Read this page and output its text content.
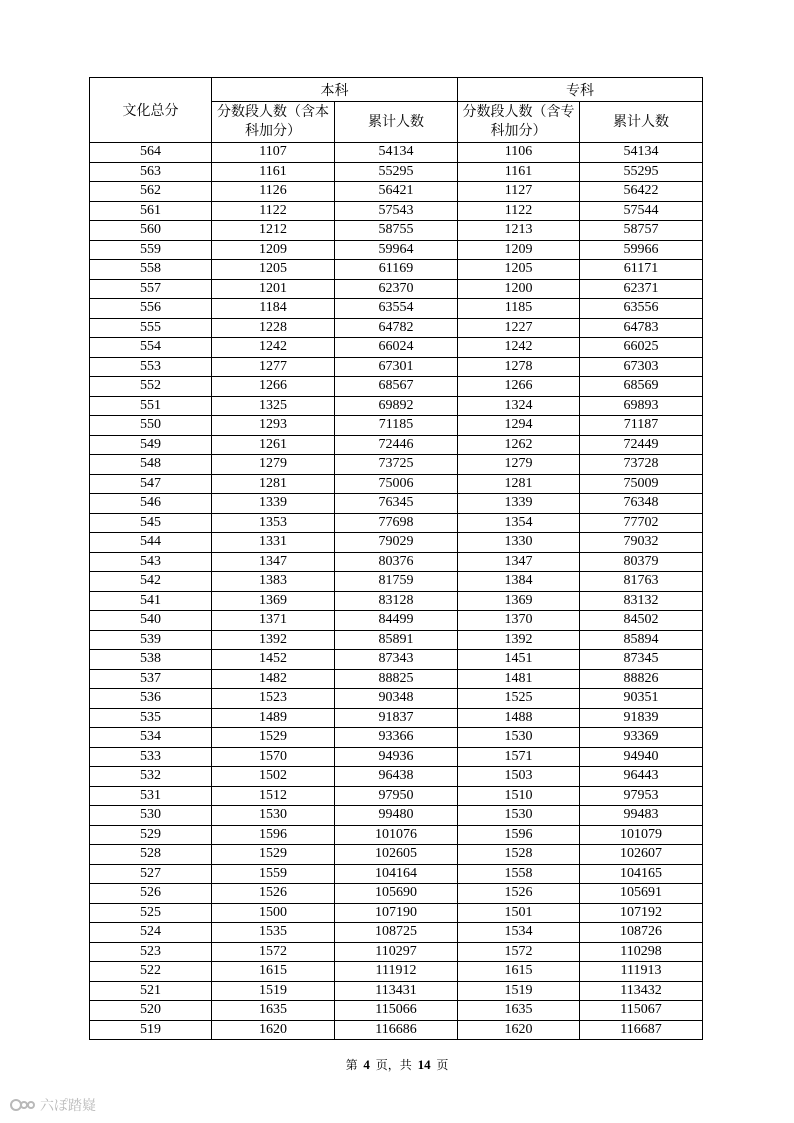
文化总分	本科		专科	
	分数段人数（含本科加分）	累计人数	分数段人数（含专科加分）	累计人数
564	1107	54134	1106	54134
563	1161	55295	1161	55295
562	1126	56421	1127	56422
561	1122	57543	1122	57544
560	1212	58755	1213	58757
559	1209	59964	1209	59966
558	1205	61169	1205	61171
557	1201	62370	1200	62371
556	1184	63554	1185	63556
555	1228	64782	1227	64783
554	1242	66024	1242	66025
553	1277	67301	1278	67303
552	1266	68567	1266	68569
551	1325	69892	1324	69893
550	1293	71185	1294	71187
549	1261	72446	1262	72449
548	1279	73725	1279	73728
547	1281	75006	1281	75009
546	1339	76345	1339	76348
545	1353	77698	1354	77702
544	1331	79029	1330	79032
543	1347	80376	1347	80379
542	1383	81759	1384	81763
541	1369	83128	1369	83132
540	1371	84499	1370	84502
539	1392	85891	1392	85894
538	1452	87343	1451	87345
537	1482	88825	1481	88826
536	1523	90348	1525	90351
535	1489	91837	1488	91839
534	1529	93366	1530	93369
533	1570	94936	1571	94940
532	1502	96438	1503	96443
531	1512	97950	1510	97953
530	1530	99480	1530	99483
529	1596	101076	1596	101079
528	1529	102605	1528	102607
527	1559	104164	1558	104165
526	1526	105690	1526	105691
525	1500	107190	1501	107192
524	1535	108725	1534	108726
523	1572	110297	1572	110298
522	1615	111912	1615	111913
521	1519	113431	1519	113432
520	1635	115066	1635	115067
519	1620	116686	1620	116687
第 4 页，共 14 页
六ぽ踏嶷
